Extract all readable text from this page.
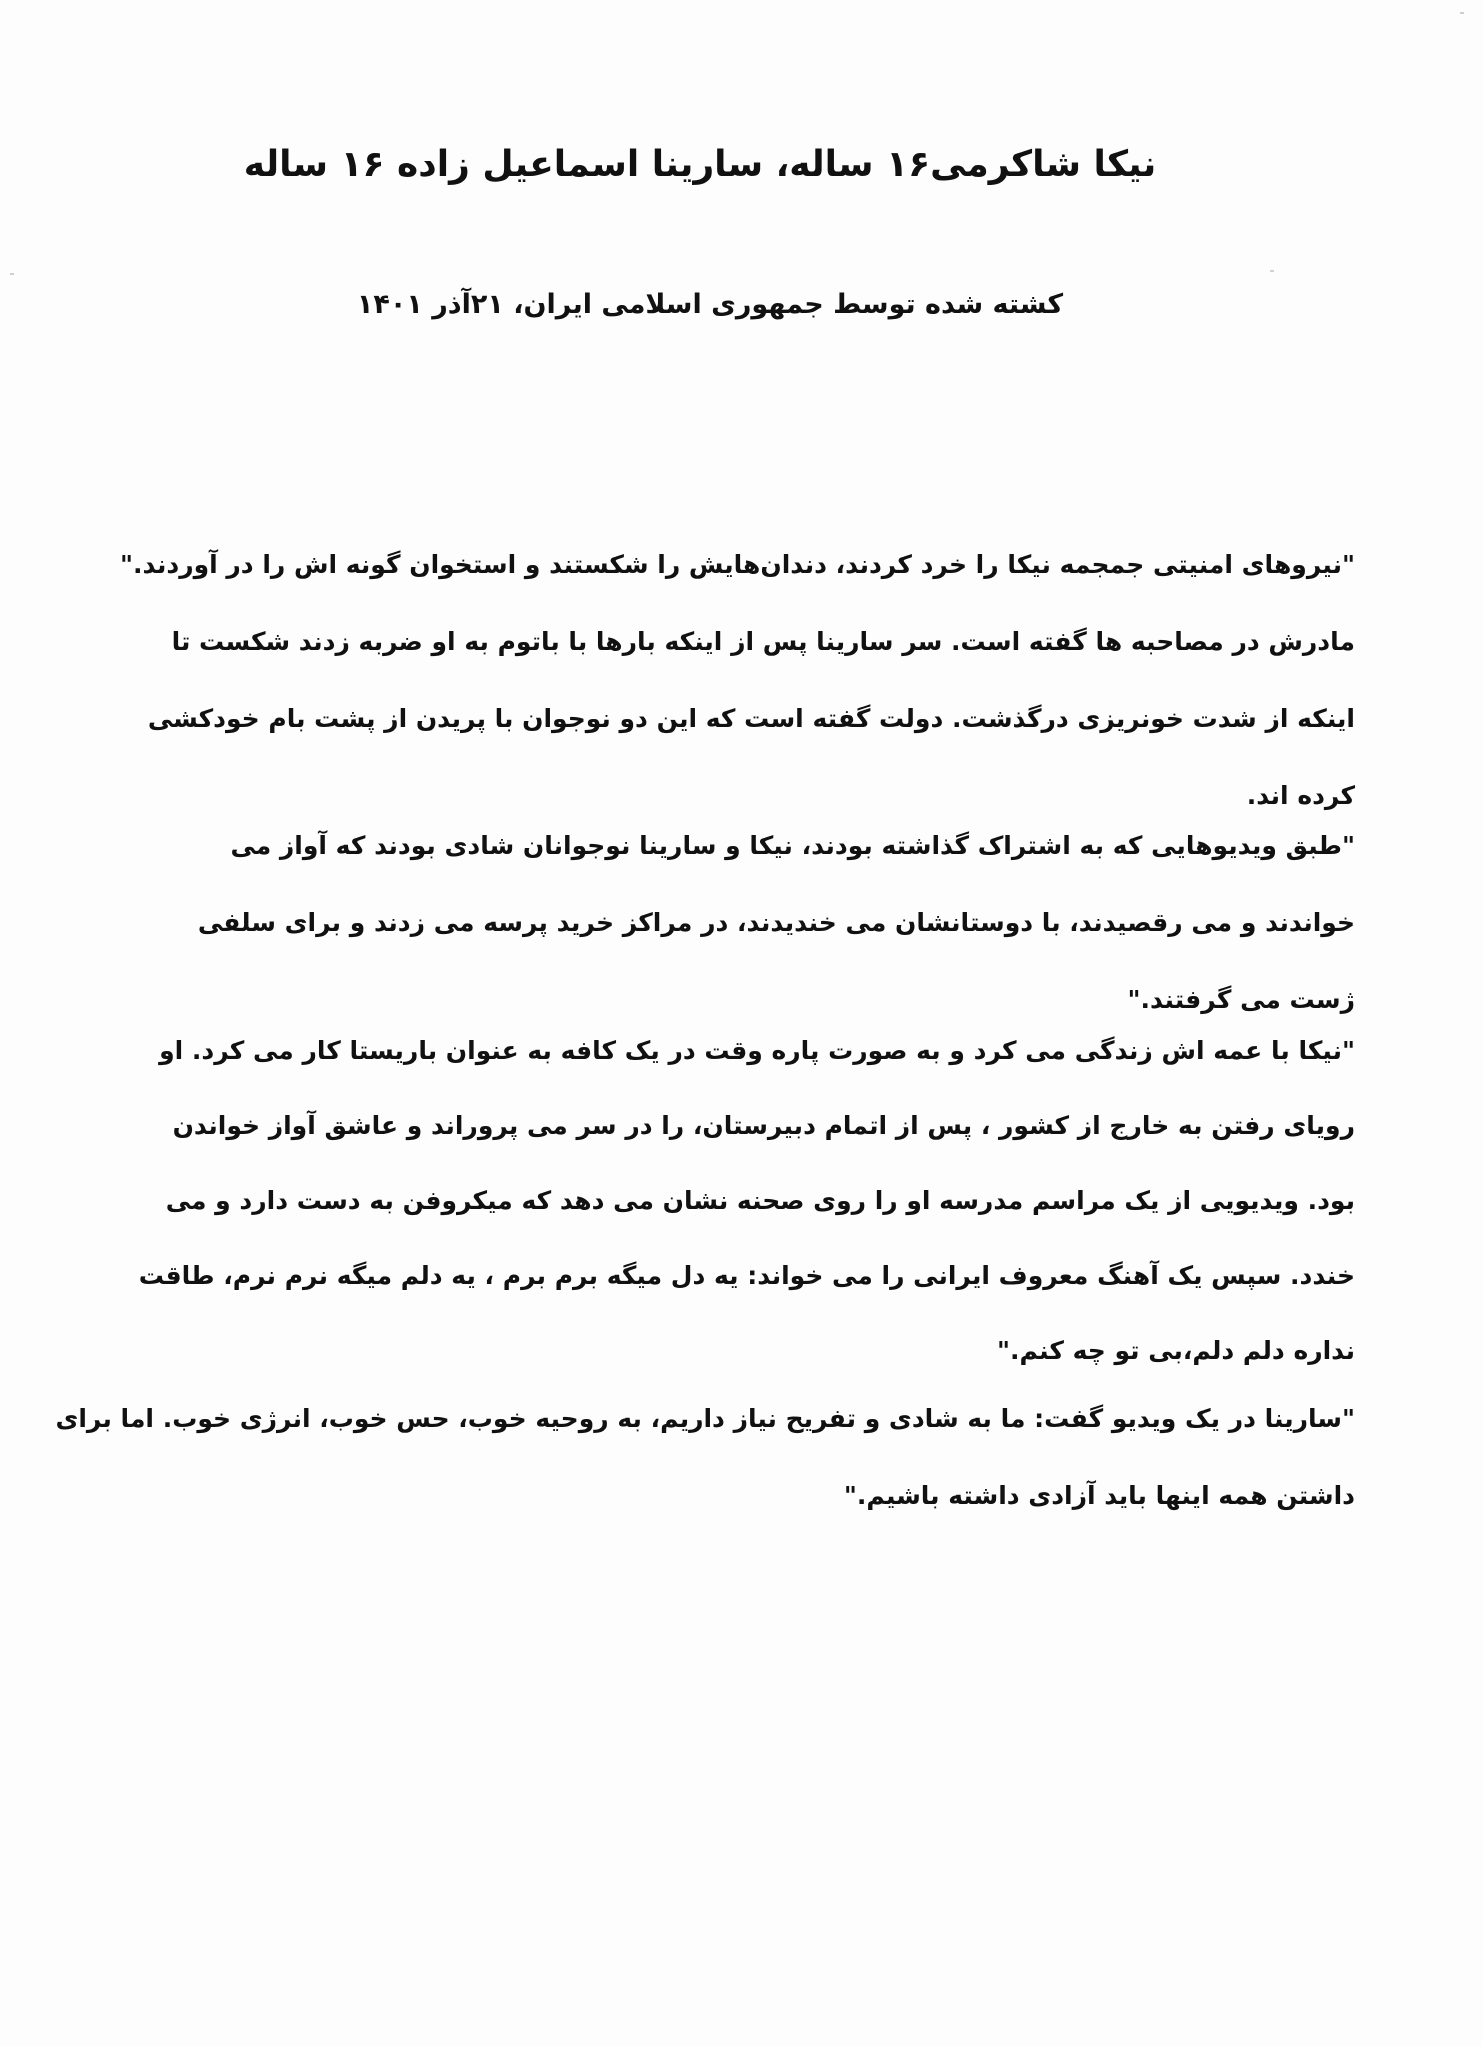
نیکا شاکرمی۱۶ ساله، سارینا اسماعیل زاده ۱۶ ساله
کشته شده توسط جمهوری اسلامی ایران، ۲۱آذر ۱۴۰۱
"نیروهای امنیتی جمجمه نیکا را خرد کردند، دندان‌هایش را شکستند و استخوان گونه اش را در آوردند." مادرش در مصاحبه ها گفته است. سر سارینا پس از اینکه بارها با باتوم به او ضربه زدند شکست تا اینکه از شدت خونریزی درگذشت. دولت گفته است که این دو نوجوان با پریدن از پشت بام خودکشی کرده اند.
"طبق ویدیوهایی که به اشتراک گذاشته بودند، نیکا و سارینا نوجوانان شادی بودند که آواز می خواندند و می رقصیدند، با دوستانشان می خندیدند، در مراکز خرید پرسه می زدند و برای سلفی ژست می گرفتند."
"نیکا با عمه اش زندگی می کرد و به صورت پاره وقت در یک کافه به عنوان باریستا کار می کرد. او رویای رفتن به خارج از کشور ، پس از اتمام دبیرستان، را در سر می پروراند و عاشق آواز خواندن بود. ویدیویی از یک مراسم مدرسه او را روی صحنه نشان می دهد که میکروفن به دست دارد و می خندد. سپس یک آهنگ معروف ایرانی را می خواند: یه دل میگه برم برم ، یه دلم میگه نرم نرم، طاقت نداره دلم دلم،بی تو چه کنم."
"سارینا در یک ویدیو گفت: ما به شادی و تفریح نیاز داریم، به روحیه خوب، حس خوب، انرژی خوب. اما برای داشتن همه اینها باید آزادی داشته باشیم."
